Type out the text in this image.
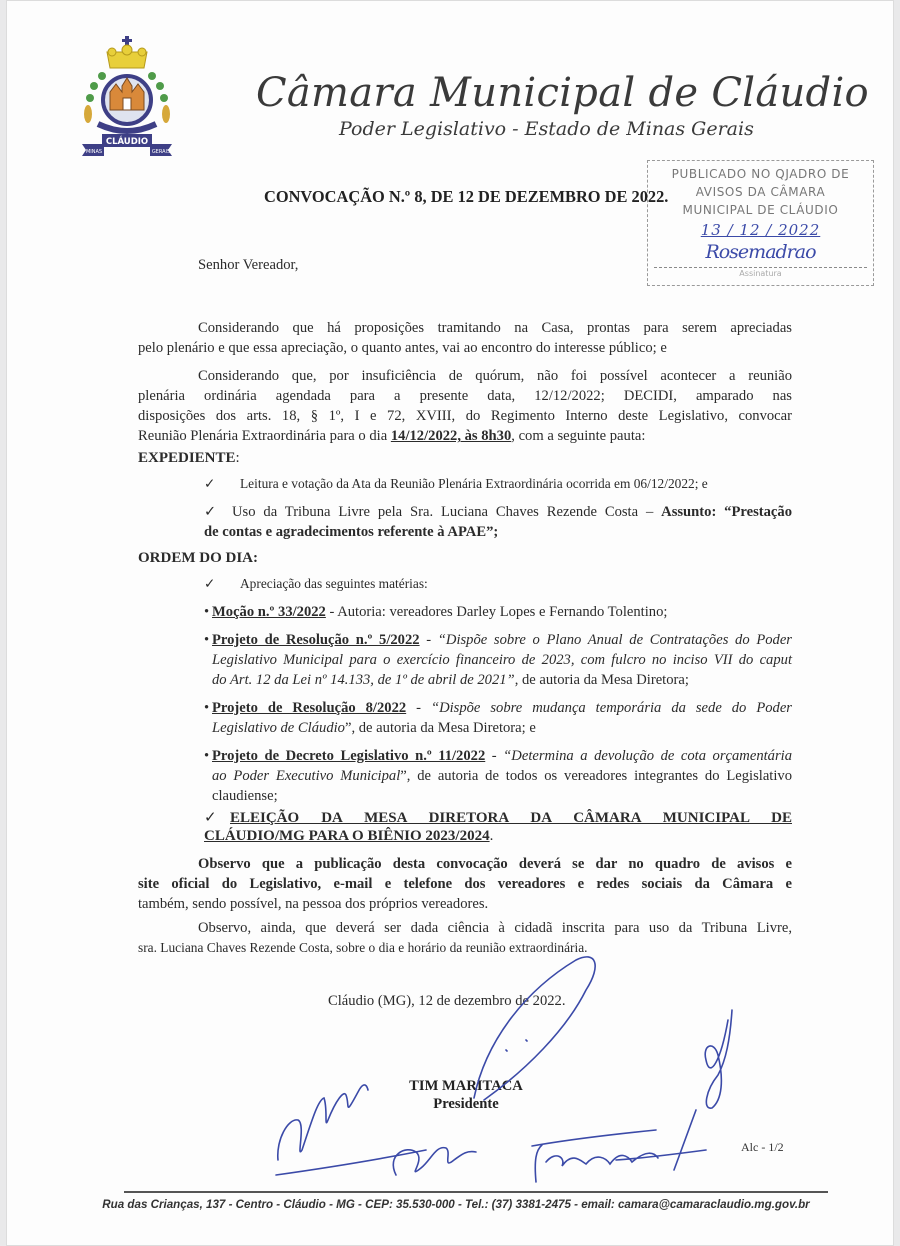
CLÁUDIO
MINAS	GERAIS
Câmara Municipal de Cláudio
Poder Legislativo - Estado de Minas Gerais
PUBLICADO NO QJADRO DE
AVISOS DA CÂMARA
MUNICIPAL DE CLÁUDIO
13 / 12 / 2022
Rosemadrao
Assinatura
CONVOCAÇÃO N.º 8, DE 12 DE DEZEMBRO DE 2022.
Senhor Vereador,
Considerando que há proposições tramitando na Casa, prontas para serem apreciadas
pelo plenário e que essa apreciação, o quanto antes, vai ao encontro do interesse público; e
Considerando que, por insuficiência de quórum, não foi possível acontecer a reunião
plenária ordinária agendada para a presente data, 12/12/2022; DECIDI, amparado nas
disposições dos arts. 18, § 1º, I e 72, XVIII, do Regimento Interno deste Legislativo, convocar
Reunião Plenária Extraordinária para o dia 14/12/2022, às 8h30, com a seguinte pauta:
EXPEDIENTE:
✓ Leitura e votação da Ata da Reunião Plenária Extraordinária ocorrida em 06/12/2022; e
✓ Uso da Tribuna Livre pela Sra. Luciana Chaves Rezende Costa – Assunto: “Prestação
de contas e agradecimentos referente à APAE”;
ORDEM DO DIA:
✓ Apreciação das seguintes matérias:
• Moção n.º 33/2022 - Autoria: vereadores Darley Lopes e Fernando Tolentino;
• Projeto de Resolução n.º 5/2022 - “Dispõe sobre o Plano Anual de Contratações do Poder
Legislativo Municipal para o exercício financeiro de 2023, com fulcro no inciso VII do caput
do Art. 12 da Lei nº 14.133, de 1º de abril de 2021”, de autoria da Mesa Diretora;
• Projeto de Resolução 8/2022 - “Dispõe sobre mudança temporária da sede do Poder
Legislativo de Cláudio”, de autoria da Mesa Diretora; e
• Projeto de Decreto Legislativo n.º 11/2022 - “Determina a devolução de cota orçamentária
ao Poder Executivo Municipal”, de autoria de todos os vereadores integrantes do Legislativo
claudiense;
✓ ELEIÇÃO DA MESA DIRETORA DA CÂMARA MUNICIPAL DE
CLÁUDIO/MG PARA O BIÊNIO 2023/2024.
Observo que a publicação desta convocação deverá se dar no quadro de avisos e
site oficial do Legislativo, e-mail e telefone dos vereadores e redes sociais da Câmara e
também, sendo possível, na pessoa dos próprios vereadores.
Observo, ainda, que deverá ser dada ciência à cidadã inscrita para uso da Tribuna Livre,
sra. Luciana Chaves Rezende Costa, sobre o dia e horário da reunião extraordinária.
Cláudio (MG), 12 de dezembro de 2022.
TIM MARITACA
Presidente
Alc - 1/2
Rua das Crianças, 137 - Centro - Cláudio - MG - CEP: 35.530-000 - Tel.: (37) 3381-2475 - email: camara@camaraclaudio.mg.gov.br
